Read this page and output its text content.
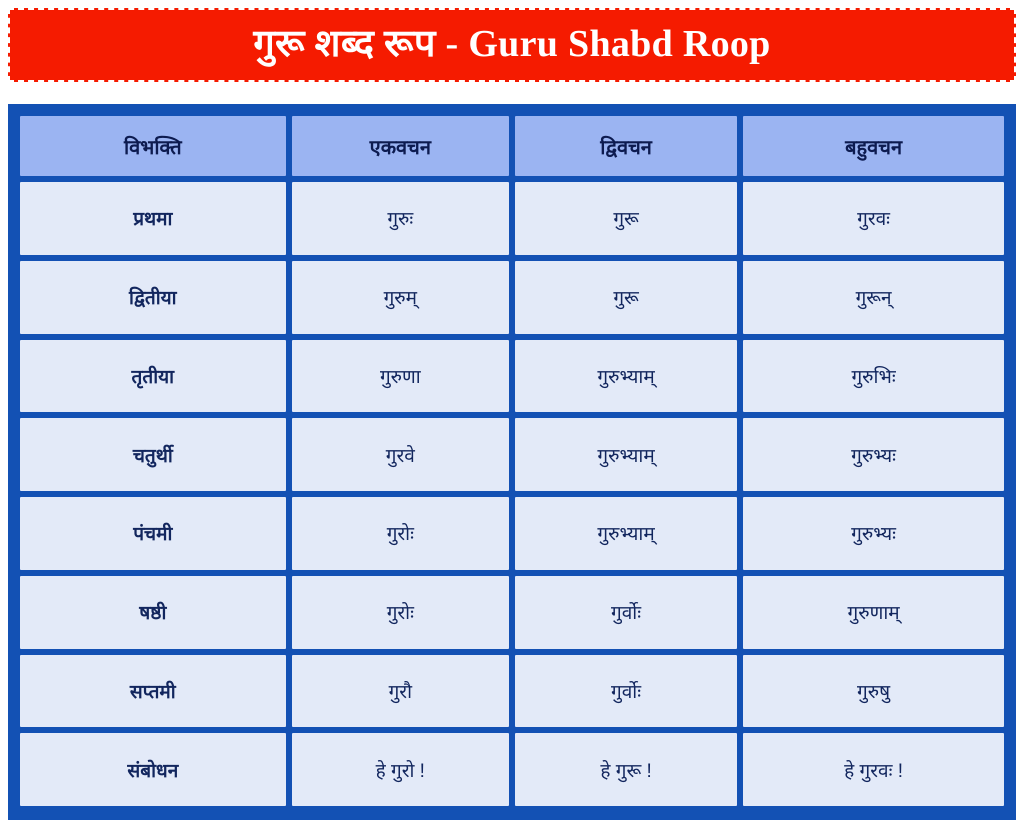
गुरू शब्द रूप - Guru Shabd Roop
विभक्ति	एकवचन	द्विवचन	बहुवचन
प्रथमा	गुरुः	गुरू	गुरवः
द्वितीया	गुरुम्	गुरू	गुरून्
तृतीया	गुरुणा	गुरुभ्याम्	गुरुभिः
चतुर्थी	गुरवे	गुरुभ्याम्	गुरुभ्यः
पंचमी	गुरोः	गुरुभ्याम्	गुरुभ्यः
षष्ठी	गुरोः	गुर्वोः	गुरुणाम्
सप्तमी	गुरौ	गुर्वोः	गुरुषु
संबोधन	हे गुरो !	हे गुरू !	हे गुरवः !
